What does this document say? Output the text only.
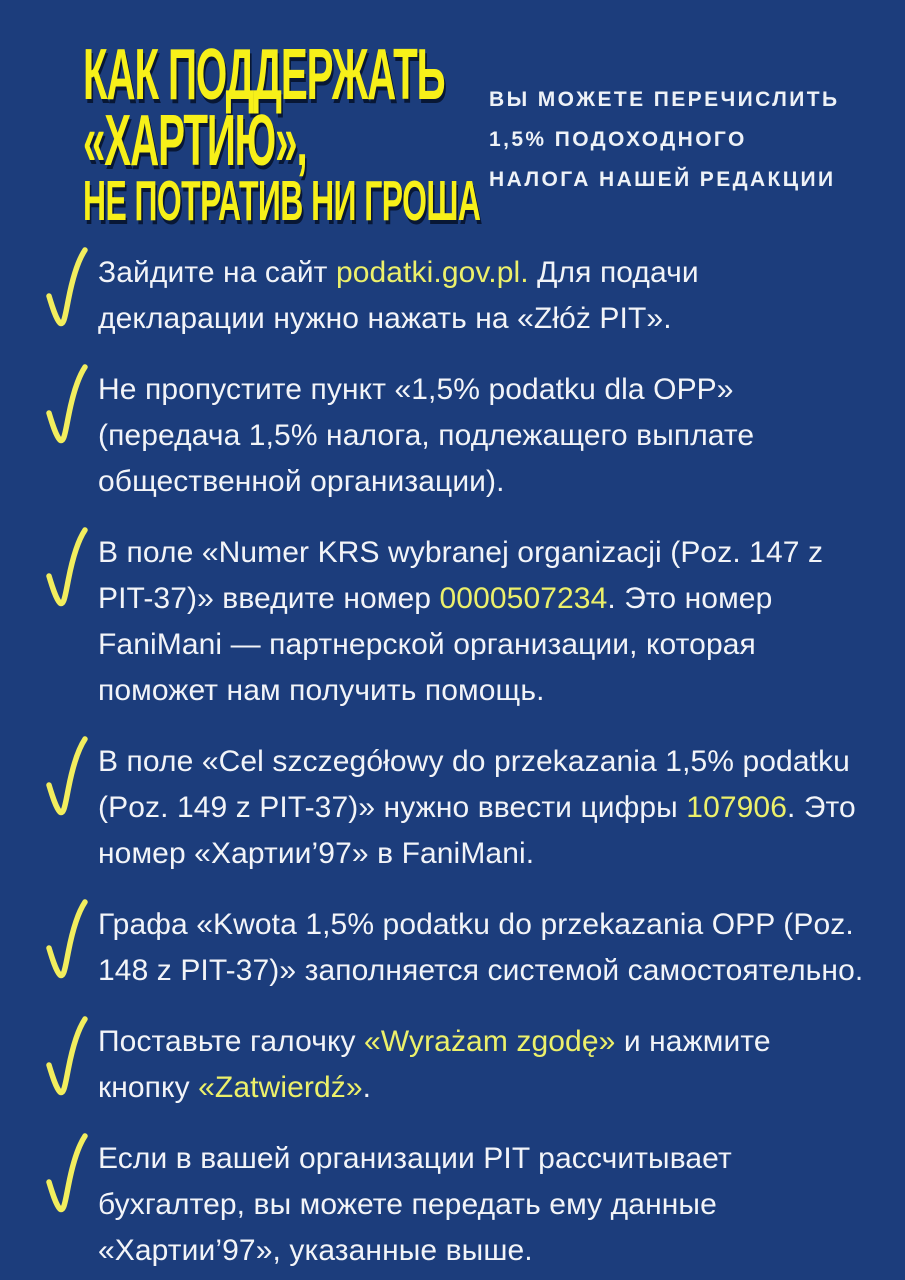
КАК ПОДДЕРЖАТЬ
«ХАРТИЮ»,
НЕ ПОТРАТИВ НИ ГРОША
ВЫ МОЖЕТЕ ПЕРЕЧИСЛИТЬ
1,5% ПОДОХОДНОГО
НАЛОГА НАШЕЙ РЕДАКЦИИ

Зайдите на сайт podatki.gov.pl. Для подачи декларации нужно нажать на «Złóż PIT».

Не пропустите пункт «1,5% podatku dla OPP» (передача 1,5% налога, подлежащего выплате общественной организации).

В поле «Numer KRS wybranej organizacji (Poz. 147 z PIT-37)» введите номер 0000507234. Это номер FaniMani — партнерской организации, которая поможет нам получить помощь.

В поле «Cel szczegółowy do przekazania 1,5% podatku (Poz. 149 z PIT-37)» нужно ввести цифры 107906. Это номер «Хартии’97» в FaniMani.

Графа «Kwota 1,5% podatku do przekazania OPP (Poz. 148 z PIT-37)» заполняется системой самостоятельно.

Поставьте галочку «Wyrażam zgodę» и нажмите кнопку «Zatwierdź».

Если в вашей организации PIT рассчитывает бухгалтер, вы можете передать ему данные «Хартии’97», указанные выше.
